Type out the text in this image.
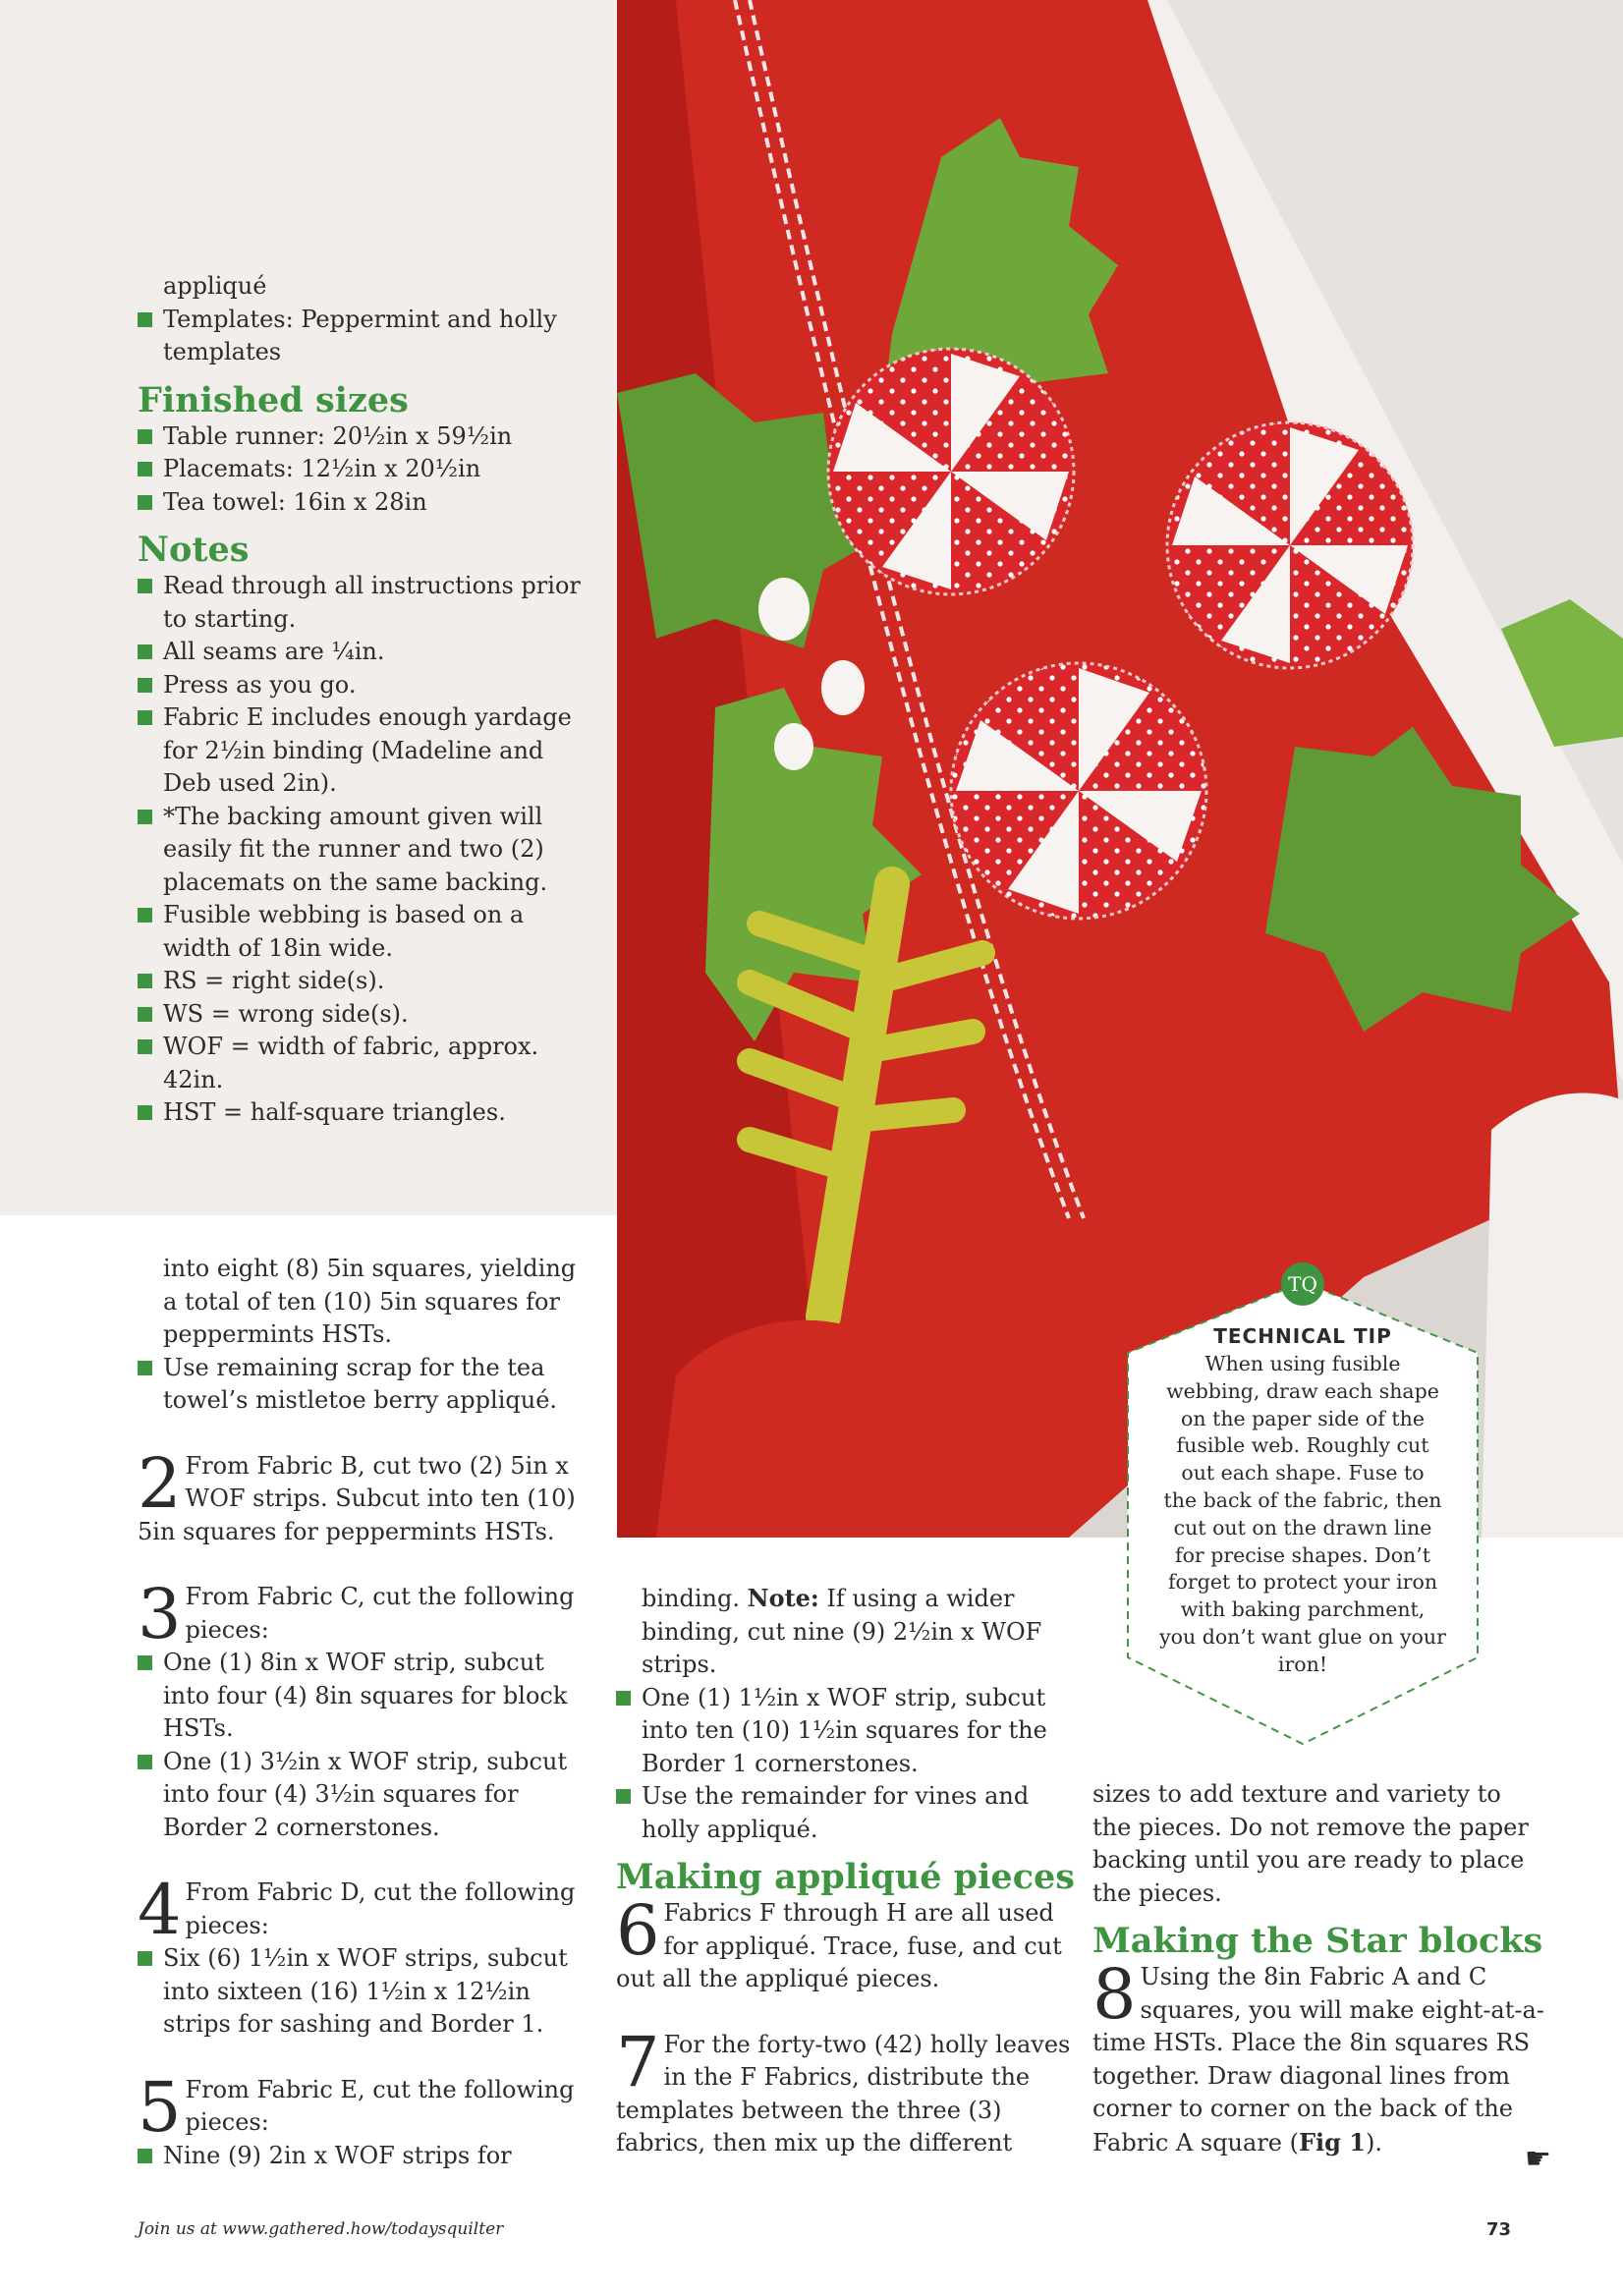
appliqué

Templates: Peppermint and holly
templates

Finished sizes

Table runner: 20½in x 59½in

Placemats: 12½in x 20½in

Tea towel: 16in x 28in

Notes

Read through all instructions prior
to starting.

All seams are ¼in.

Press as you go.

Fabric E includes enough yardage
for 2½in binding (Madeline and
Deb used 2in).

*The backing amount given will
easily fit the runner and two (2)
placemats on the same backing.

Fusible webbing is based on a
width of 18in wide.

RS = right side(s).

WS = wrong side(s).

WOF = width of fabric, approx.
42in.

HST = half-square triangles.

into eight (8) 5in squares, yielding
a total of ten (10) 5in squares for
peppermints HSTs.

Use remaining scrap for the tea
towel’s mistletoe berry appliqué.

2 From Fabric B, cut two (2) 5in x
WOF strips. Subcut into ten (10)
5in squares for peppermints HSTs.

3 From Fabric C, cut the following
pieces:

One (1) 8in x WOF strip, subcut
into four (4) 8in squares for block
HSTs.

One (1) 3½in x WOF strip, subcut
into four (4) 3½in squares for
Border 2 cornerstones.

4 From Fabric D, cut the following
pieces:

Six (6) 1½in x WOF strips, subcut
into sixteen (16) 1½in x 12½in
strips for sashing and Border 1.

5 From Fabric E, cut the following
pieces:

Nine (9) 2in x WOF strips for

binding. Note: If using a wider
binding, cut nine (9) 2½in x WOF
strips.

One (1) 1½in x WOF strip, subcut
into ten (10) 1½in squares for the
Border 1 cornerstones.

Use the remainder for vines and
holly appliqué.

Making appliqué pieces

6 Fabrics F through H are all used
for appliqué. Trace, fuse, and cut
out all the appliqué pieces.

7 For the forty-two (42) holly leaves
in the F Fabrics, distribute the
templates between the three (3)
fabrics, then mix up the different

sizes to add texture and variety to
the pieces. Do not remove the paper
backing until you are ready to place
the pieces.

Making the Star blocks

8 Using the 8in Fabric A and C
squares, you will make eight-at-a-
time HSTs. Place the 8in squares RS
together. Draw diagonal lines from
corner to corner on the back of the
Fabric A square (Fig 1).

TQ
TECHNICAL TIP
When using fusible
webbing, draw each shape
on the paper side of the
fusible web. Roughly cut
out each shape. Fuse to
the back of the fabric, then
cut out on the drawn line
for precise shapes. Don’t
forget to protect your iron
with baking parchment,
you don’t want glue on your
iron!
☛
Join us at www.gathered.how/todaysquilter	73
